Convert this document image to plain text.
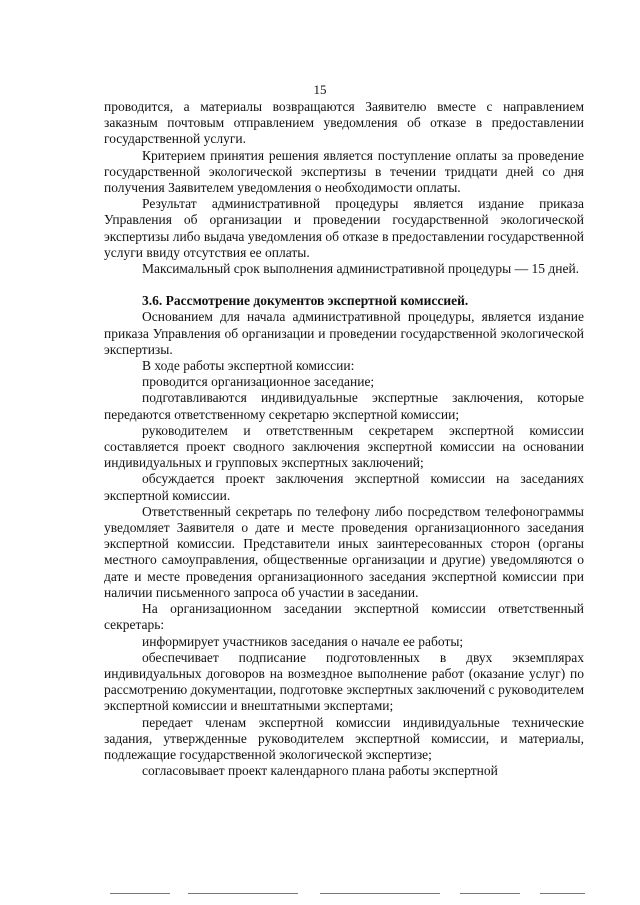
15

проводится, а материалы возвращаются Заявителю вместе с направлением заказным почтовым отправлением уведомления об отказе в предоставлении государственной услуги.

Критерием принятия решения является поступление оплаты за проведение государственной экологической экспертизы в течении тридцати дней со дня получения Заявителем уведомления о необходимости оплаты.

Результат административной процедуры является издание приказа Управления об организации и проведении государственной экологической экспертизы либо выдача уведомления об отказе в предоставлении государственной услуги ввиду отсутствия ее оплаты.

Максимальный срок выполнения административной процедуры — 15 дней.

3.6. Рассмотрение документов экспертной комиссией.

Основанием для начала административной процедуры, является издание приказа Управления об организации и проведении государственной экологической экспертизы.

В ходе работы экспертной комиссии:

проводится организационное заседание;

подготавливаются индивидуальные экспертные заключения, которые передаются ответственному секретарю экспертной комиссии;

руководителем и ответственным секретарем экспертной комиссии составляется проект сводного заключения экспертной комиссии на основании индивидуальных и групповых экспертных заключений;

обсуждается проект заключения экспертной комиссии на заседаниях экспертной комиссии.

Ответственный секретарь по телефону либо посредством телефонограммы уведомляет Заявителя о дате и месте проведения организационного заседания экспертной комиссии. Представители иных заинтересованных сторон (органы местного самоуправления, общественные организации и другие) уведомляются о дате и месте проведения организационного заседания экспертной комиссии при наличии письменного запроса об участии в заседании.

На организационном заседании экспертной комиссии ответственный секретарь:

информирует участников заседания о начале ее работы;

обеспечивает подписание подготовленных в двух экземплярах индивидуальных договоров на возмездное выполнение работ (оказание услуг) по рассмотрению документации, подготовке экспертных заключений с руководителем экспертной комиссии и внештатными экспертами;

передает членам экспертной комиссии индивидуальные технические задания, утвержденные руководителем экспертной комиссии, и материалы, подлежащие государственной экологической экспертизе;

согласовывает проект календарного плана работы экспертной
